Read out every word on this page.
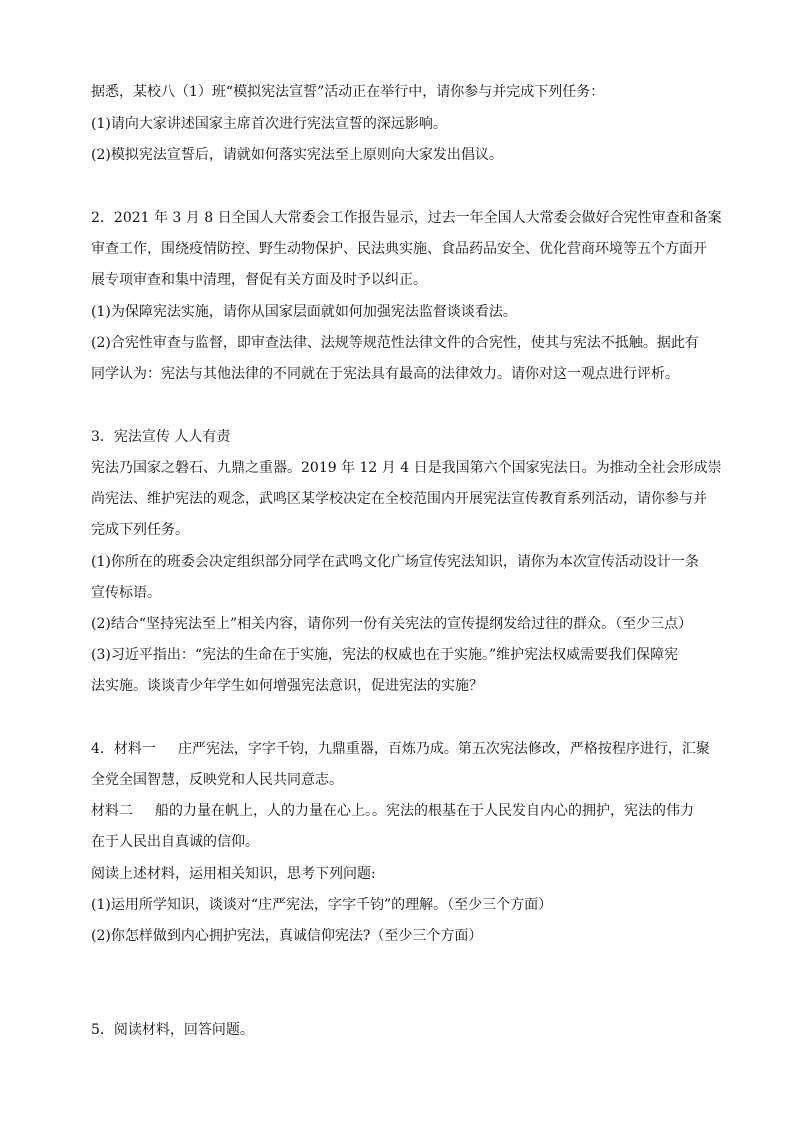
据悉，某校八（1）班“模拟宪法宣誓”活动正在举行中，请你参与并完成下列任务：
(1)请向大家讲述国家主席首次进行宪法宣誓的深远影响。
(2)模拟宪法宣誓后，请就如何落实宪法至上原则向大家发出倡议。
2．2021 年 3 月 8 日全国人大常委会工作报告显示，过去一年全国人大常委会做好合宪性审查和备案
审查工作，围绕疫情防控、野生动物保护、民法典实施、食品药品安全、优化营商环境等五个方面开
展专项审查和集中清理，督促有关方面及时予以纠正。
(1)为保障宪法实施，请你从国家层面就如何加强宪法监督谈谈看法。
(2)合宪性审查与监督，即审查法律、法规等规范性法律文件的合宪性，使其与宪法不抵触。据此有
同学认为：宪法与其他法律的不同就在于宪法具有最高的法律效力。请你对这一观点进行评析。
3．宪法宣传 人人有责
宪法乃国家之磐石、九鼎之重器。2019 年 12 月 4 日是我国第六个国家宪法日。为推动全社会形成崇
尚宪法、维护宪法的观念，武鸣区某学校决定在全校范围内开展宪法宣传教育系列活动，请你参与并
完成下列任务。
(1)你所在的班委会决定组织部分同学在武鸣文化广场宣传宪法知识，请你为本次宣传活动设计一条
宣传标语。
(2)结合“坚持宪法至上”相关内容，请你列一份有关宪法的宣传提纲发给过往的群众。（至少三点）
(3)习近平指出：“宪法的生命在于实施，宪法的权威也在于实施。”维护宪法权威需要我们保障宪
法实施。谈谈青少年学生如何增强宪法意识，促进宪法的实施？
4．材料一 庄严宪法，字字千钧，九鼎重器，百炼乃成。第五次宪法修改，严格按程序进行，汇聚
全党全国智慧，反映党和人民共同意志。
材料二 船的力量在帆上，人的力量在心上。。宪法的根基在于人民发自内心的拥护，宪法的伟力
在于人民出自真诚的信仰。
阅读上述材料，运用相关知识，思考下列问题:
(1)运用所学知识，谈谈对“庄严宪法，字字千钧”的理解。（至少三个方面）
(2)你怎样做到内心拥护宪法，真诚信仰宪法?（至少三个方面）
5．阅读材料，回答问题。
